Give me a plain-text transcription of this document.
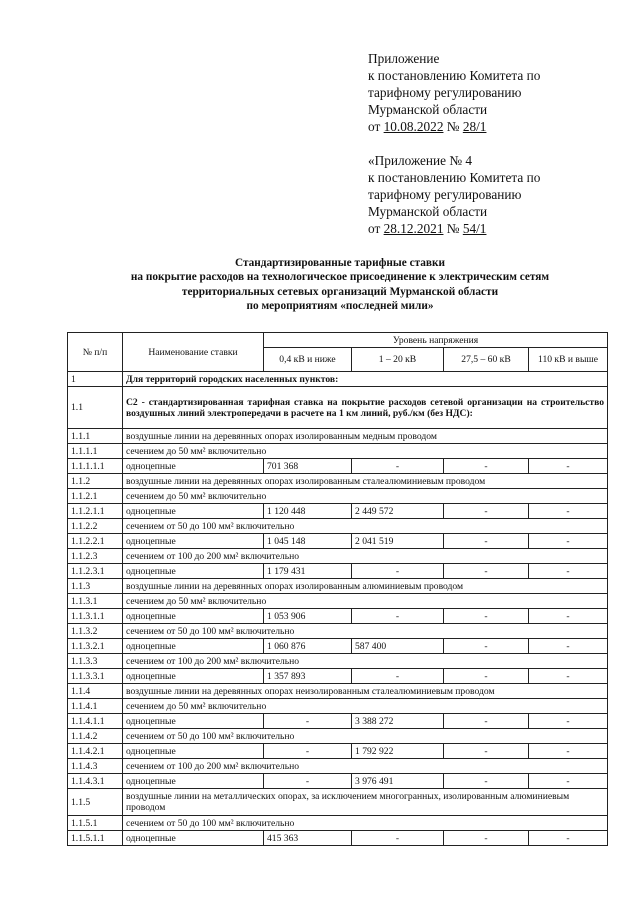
Приложение
к постановлению Комитета по
тарифному регулированию
Мурманской области
от 10.08.2022 № 28/1
«Приложение № 4
к постановлению Комитета по
тарифному регулированию
Мурманской области
от 28.12.2021 № 54/1
Стандартизированные тарифные ставки
на покрытие расходов на технологическое присоединение к электрическим сетям
территориальных сетевых организаций Мурманской области
по мероприятиям «последней мили»
№ п/п	Наименование ставки	Уровень напряжения			
		0,4 кВ и ниже	1 – 20 кВ	27,5 – 60 кВ	110 кВ и выше
1	Для территорий городских населенных пунктов:				
1.1	С2 - стандартизированная тарифная ставка на покрытие расходов сетевой организации на строительство воздушных линий электропередачи в расчете на 1 км линий, руб./км (без НДС):				
1.1.1	воздушные линии на деревянных опорах изолированным медным проводом				
1.1.1.1	сечением до 50 мм² включительно				
1.1.1.1.1	одноцепные	701 368	-	-	-
1.1.2	воздушные линии на деревянных опорах изолированным сталеалюминиевым проводом				
1.1.2.1	сечением до 50 мм² включительно				
1.1.2.1.1	одноцепные	1 120 448	2 449 572	-	-
1.1.2.2	сечением от 50 до 100 мм² включительно				
1.1.2.2.1	одноцепные	1 045 148	2 041 519	-	-
1.1.2.3	сечением от 100 до 200 мм² включительно				
1.1.2.3.1	одноцепные	1 179 431	-	-	-
1.1.3	воздушные линии на деревянных опорах изолированным алюминиевым проводом				
1.1.3.1	сечением до 50 мм² включительно				
1.1.3.1.1	одноцепные	1 053 906	-	-	-
1.1.3.2	сечением от 50 до 100 мм² включительно				
1.1.3.2.1	одноцепные	1 060 876	587 400	-	-
1.1.3.3	сечением от 100 до 200 мм² включительно				
1.1.3.3.1	одноцепные	1 357 893	-	-	-
1.1.4	воздушные линии на деревянных опорах неизолированным сталеалюминиевым проводом				
1.1.4.1	сечением до 50 мм² включительно				
1.1.4.1.1	одноцепные	-	3 388 272	-	-
1.1.4.2	сечением от 50 до 100 мм² включительно				
1.1.4.2.1	одноцепные	-	1 792 922	-	-
1.1.4.3	сечением от 100 до 200 мм² включительно				
1.1.4.3.1	одноцепные	-	3 976 491	-	-
1.1.5	воздушные линии на металлических опорах, за исключением многогранных, изолированным алюминиевым проводом				
1.1.5.1	сечением от 50 до 100 мм² включительно				
1.1.5.1.1	одноцепные	415 363	-	-	-
